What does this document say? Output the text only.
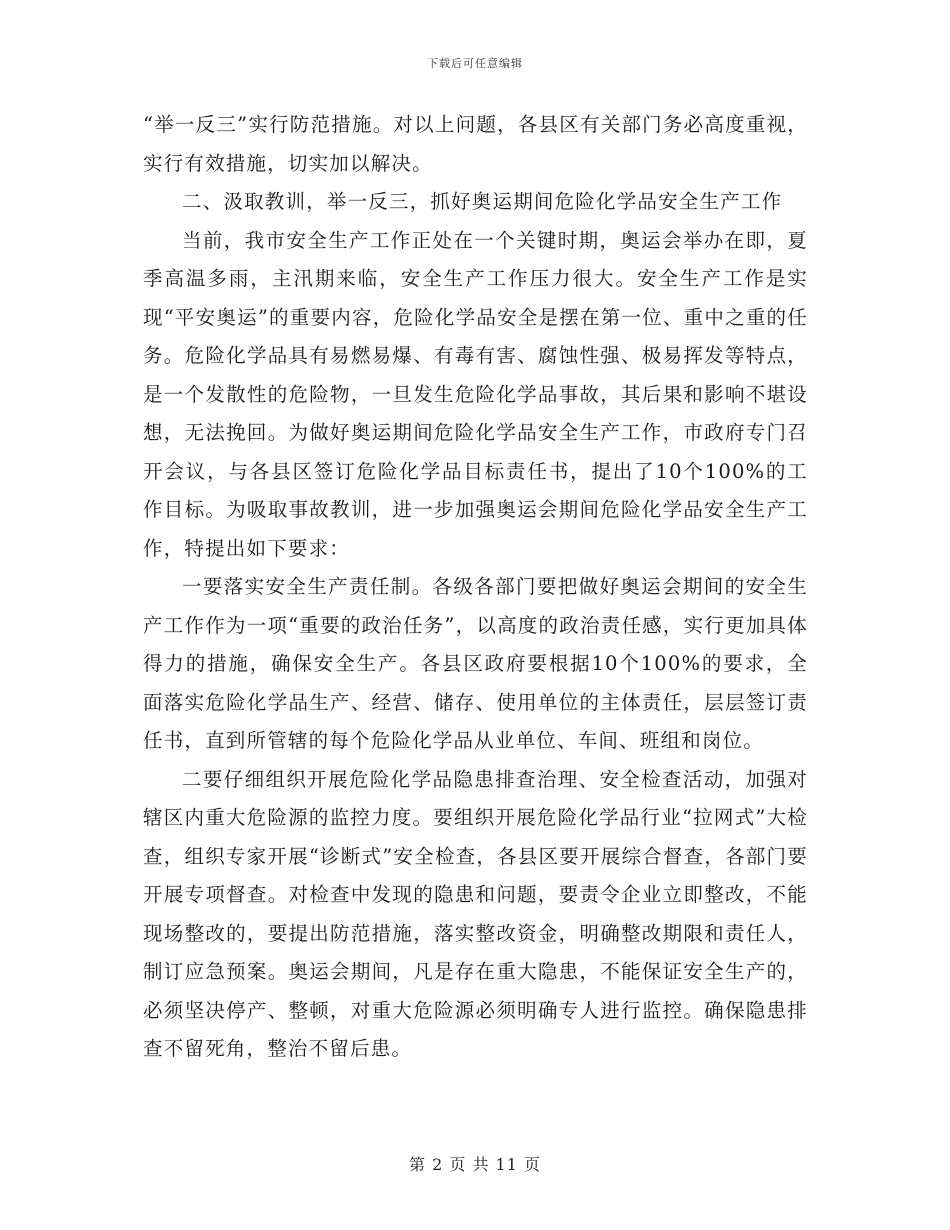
下载后可任意编辑

“举一反三”实行防范措施。对以上问题，各县区有关部门务必高度重视，实行有效措施，切实加以解决。

二、汲取教训，举一反三，抓好奥运期间危险化学品安全生产工作

当前，我市安全生产工作正处在一个关键时期，奥运会举办在即，夏季高温多雨，主汛期来临，安全生产工作压力很大。安全生产工作是实现“平安奥运”的重要内容，危险化学品安全是摆在第一位、重中之重的任务。危险化学品具有易燃易爆、有毒有害、腐蚀性强、极易挥发等特点，是一个发散性的危险物，一旦发生危险化学品事故，其后果和影响不堪设想，无法挽回。为做好奥运期间危险化学品安全生产工作，市政府专门召开会议，与各县区签订危险化学品目标责任书，提出了10个100%的工作目标。为吸取事故教训，进一步加强奥运会期间危险化学品安全生产工作，特提出如下要求：

一要落实安全生产责任制。各级各部门要把做好奥运会期间的安全生产工作作为一项“重要的政治任务”，以高度的政治责任感，实行更加具体得力的措施，确保安全生产。各县区政府要根据10个100%的要求，全面落实危险化学品生产、经营、储存、使用单位的主体责任，层层签订责任书，直到所管辖的每个危险化学品从业单位、车间、班组和岗位。

二要仔细组织开展危险化学品隐患排查治理、安全检查活动，加强对辖区内重大危险源的监控力度。要组织开展危险化学品行业“拉网式”大检查，组织专家开展“诊断式”安全检查，各县区要开展综合督查，各部门要开展专项督查。对检查中发现的隐患和问题，要责令企业立即整改，不能现场整改的，要提出防范措施，落实整改资金，明确整改期限和责任人，制订应急预案。奥运会期间，凡是存在重大隐患，不能保证安全生产的，必须坚决停产、整顿，对重大危险源必须明确专人进行监控。确保隐患排查不留死角，整治不留后患。

第 2 页 共 11 页
